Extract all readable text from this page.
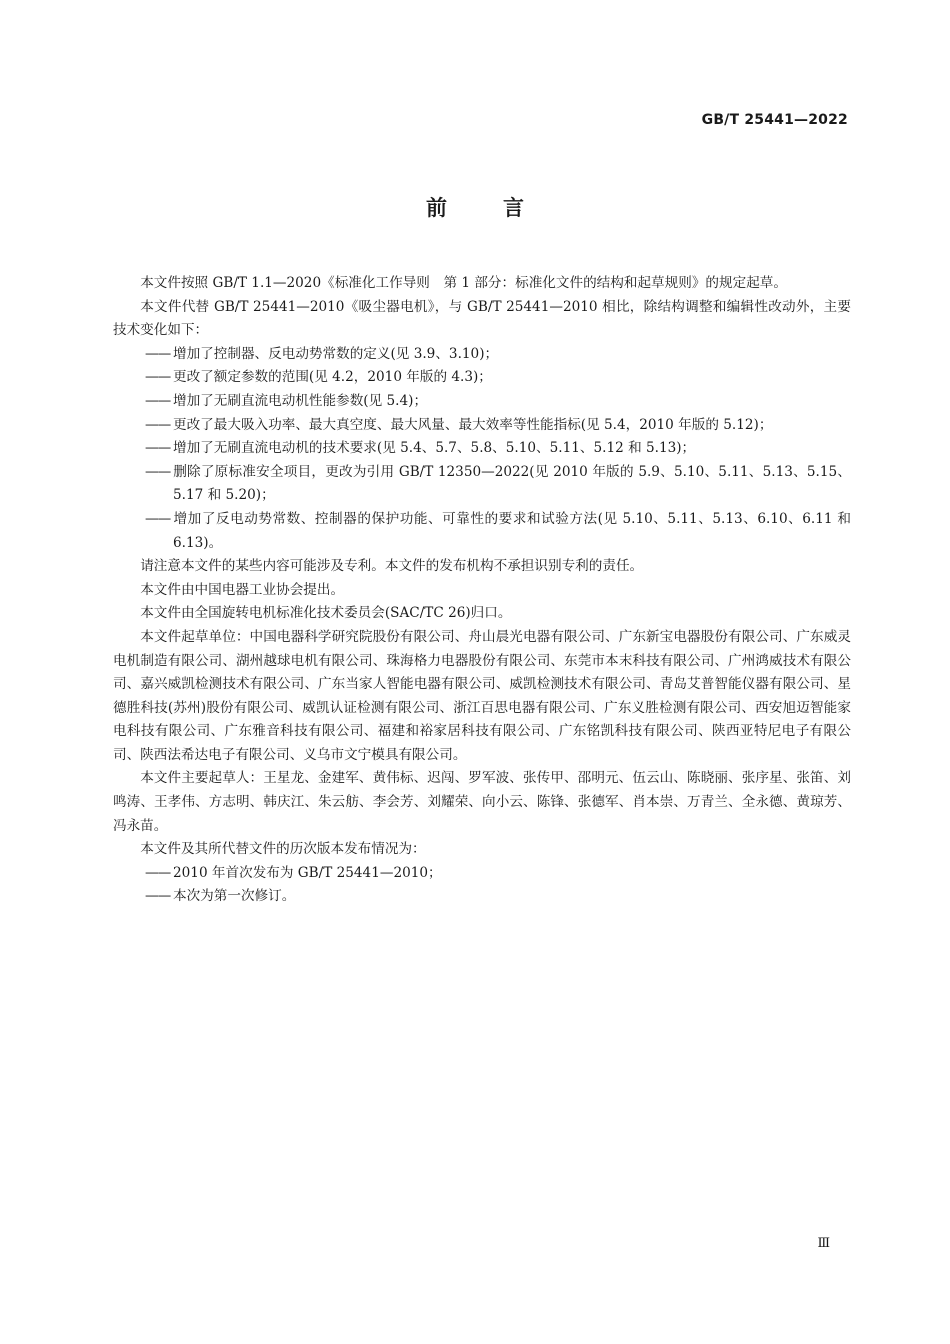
GB/T 25441—2022
前	言

本文件按照 GB/T 1.1—2020《标准化工作导则　第 1 部分：标准化文件的结构和起草规则》的规定起草。

本文件代替 GB/T 25441—2010《吸尘器电机》，与 GB/T 25441—2010 相比，除结构调整和编辑性改动外，主要技术变化如下：

—— 增加了控制器、反电动势常数的定义(见 3.9、3.10)；

—— 更改了额定参数的范围(见 4.2，2010 年版的 4.3)；

—— 增加了无刷直流电动机性能参数(见 5.4)；

—— 更改了最大吸入功率、最大真空度、最大风量、最大效率等性能指标(见 5.4，2010 年版的 5.12)；

—— 增加了无刷直流电动机的技术要求(见 5.4、5.7、5.8、5.10、5.11、5.12 和 5.13)；

—— 删除了原标准安全项目，更改为引用 GB/T 12350—2022(见 2010 年版的 5.9、5.10、5.11、5.13、5.15、5.17 和 5.20)；

—— 增加了反电动势常数、控制器的保护功能、可靠性的要求和试验方法(见 5.10、5.11、5.13、6.10、6.11 和 6.13)。

请注意本文件的某些内容可能涉及专利。本文件的发布机构不承担识别专利的责任。

本文件由中国电器工业协会提出。

本文件由全国旋转电机标准化技术委员会(SAC/TC 26)归口。

本文件起草单位：中国电器科学研究院股份有限公司、舟山晨光电器有限公司、广东新宝电器股份有限公司、广东威灵电机制造有限公司、湖州越球电机有限公司、珠海格力电器股份有限公司、东莞市本末科技有限公司、广州鸿威技术有限公司、嘉兴威凯检测技术有限公司、广东当家人智能电器有限公司、威凯检测技术有限公司、青岛艾普智能仪器有限公司、星德胜科技(苏州)股份有限公司、威凯认证检测有限公司、浙江百思电器有限公司、广东义胜检测有限公司、西安旭迈智能家电科技有限公司、广东雅音科技有限公司、福建和裕家居科技有限公司、广东铭凯科技有限公司、陕西亚特尼电子有限公司、陕西法希达电子有限公司、义乌市文宁模具有限公司。

本文件主要起草人：王星龙、金建军、黄伟标、迟闯、罗军波、张传甲、邵明元、伍云山、陈晓丽、张序星、张笛、刘鸣涛、王孝伟、方志明、韩庆江、朱云舫、李会芳、刘耀荣、向小云、陈锋、张德军、肖本崇、万青兰、全永德、黄琼芳、冯永苗。

本文件及其所代替文件的历次版本发布情况为：

—— 2010 年首次发布为 GB/T 25441—2010；

—— 本次为第一次修订。

Ⅲ
